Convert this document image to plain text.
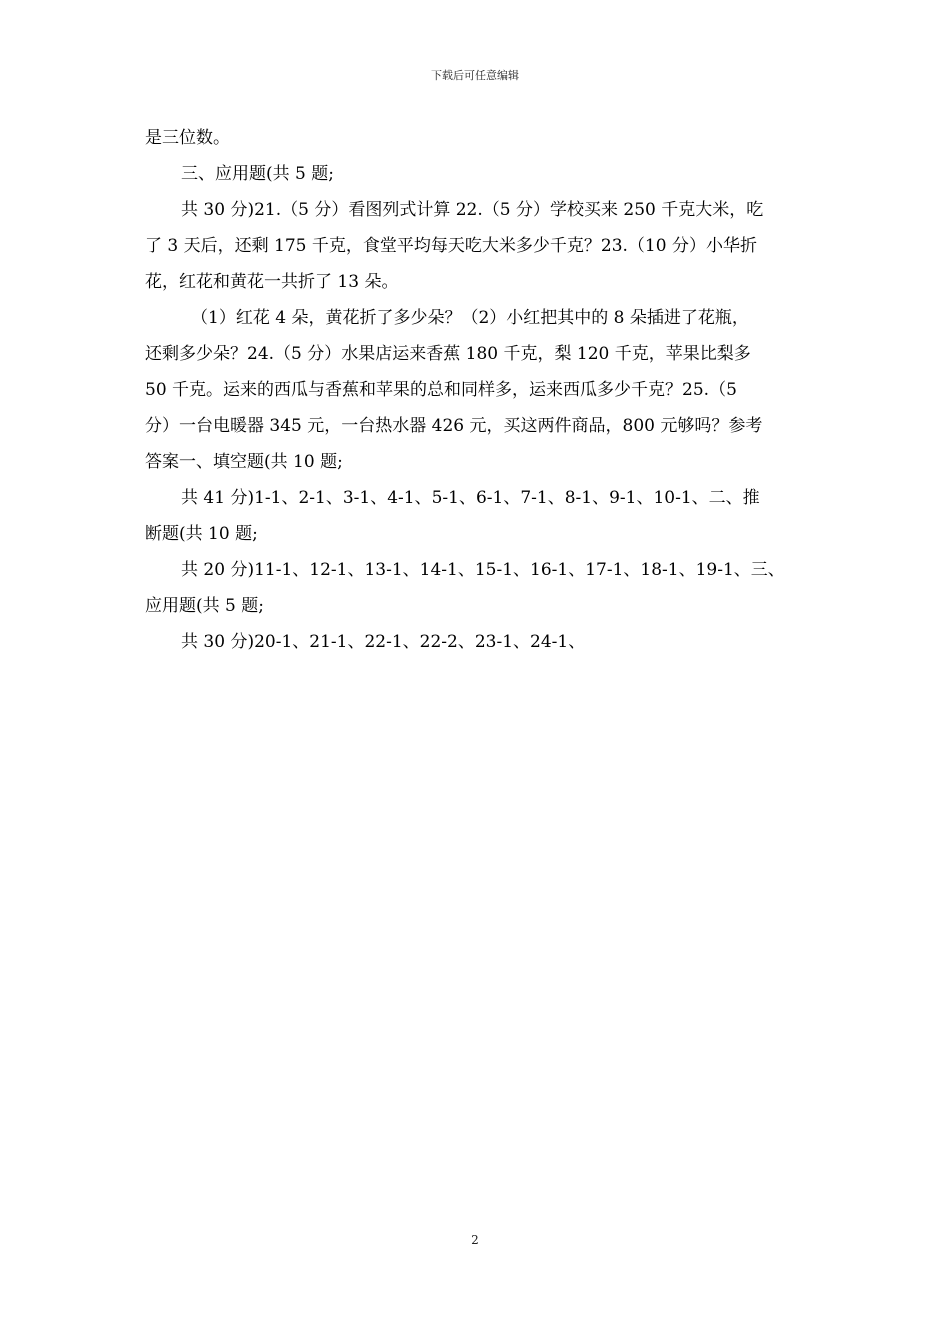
下载后可任意编辑
是三位数。
三、应用题(共 5 题;
共 30 分)21.（5 分）看图列式计算 22.（5 分）学校买来 250 千克大米，吃
了 3 天后，还剩 175 千克，食堂平均每天吃大米多少千克？23.（10 分）小华折
花，红花和黄花一共折了 13 朵。
（1）红花 4 朵，黄花折了多少朵？（2）小红把其中的 8 朵插进了花瓶，
还剩多少朵？24.（5 分）水果店运来香蕉 180 千克，梨 120 千克，苹果比梨多
50 千克。运来的西瓜与香蕉和苹果的总和同样多，运来西瓜多少千克？25.（5
分）一台电暖器 345 元，一台热水器 426 元，买这两件商品，800 元够吗？参考
答案一、填空题(共 10 题;
共 41 分)1-1、2-1、3-1、4-1、5-1、6-1、7-1、8-1、9-1、10-1、二、推
断题(共 10 题;
共 20 分)11-1、12-1、13-1、14-1、15-1、16-1、17-1、18-1、19-1、三、
应用题(共 5 题;
共 30 分)20-1、21-1、22-1、22-2、23-1、24-1、
2
